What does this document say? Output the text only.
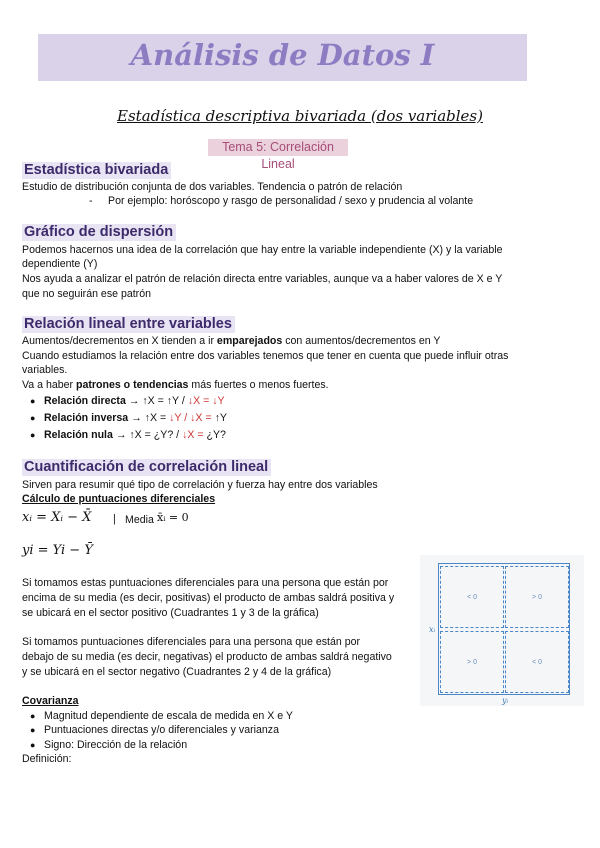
Análisis de Datos I
Estadística descriptiva bivariada (dos variables)
Tema 5: Correlación Lineal
Estadística bivariada
Estudio de distribución conjunta de dos variables. Tendencia o patrón de relación
- Por ejemplo: horóscopo y rasgo de personalidad / sexo y prudencia al volante
Gráfico de dispersión
Podemos hacernos una idea de la correlación que hay entre la variable independiente (X) y la variable
dependiente (Y)
Nos ayuda a analizar el patrón de relación directa entre variables, aunque va a haber valores de X e Y
que no seguirán ese patrón
Relación lineal entre variables
Aumentos/decrementos en X tienden a ir emparejados con aumentos/decrementos en Y
Cuando estudiamos la relación entre dos variables tenemos que tener en cuenta que puede influir otras
variables.
Va a haber patrones o tendencias más fuertes o menos fuertes.
● Relación directa → ↑X = ↑Y / ↓X = ↓Y
● Relación inversa → ↑X = ↓Y / ↓X = ↑Y
● Relación nula → ↑X = ¿Y? / ↓X = ¿Y?
Cuantificación de correlación lineal
Sirven para resumir qué tipo de correlación y fuerza hay entre dos variables
Cálculo de puntuaciones diferenciales
xᵢ = Xᵢ − X̄ | Media x̄ᵢ = 0
yi = Yi − Ȳ
Si tomamos estas puntuaciones diferenciales para una persona que están por
encima de su media (es decir, positivas) el producto de ambas saldrá positiva y
se ubicará en el sector positivo (Cuadrantes 1 y 3 de la gráfica)
Si tomamos puntuaciones diferenciales para una persona que están por
debajo de su media (es decir, negativas) el producto de ambas saldrá negativo
y se ubicará en el sector negativo (Cuadrantes 2 y 4 de la gráfica)
< 0	> 0
> 0	< 0
xᵢ
yᵢ
Covarianza
● Magnitud dependiente de escala de medida en X e Y
● Puntuaciones directas y/o diferenciales y varianza
● Signo: Dirección de la relación
Definición:
